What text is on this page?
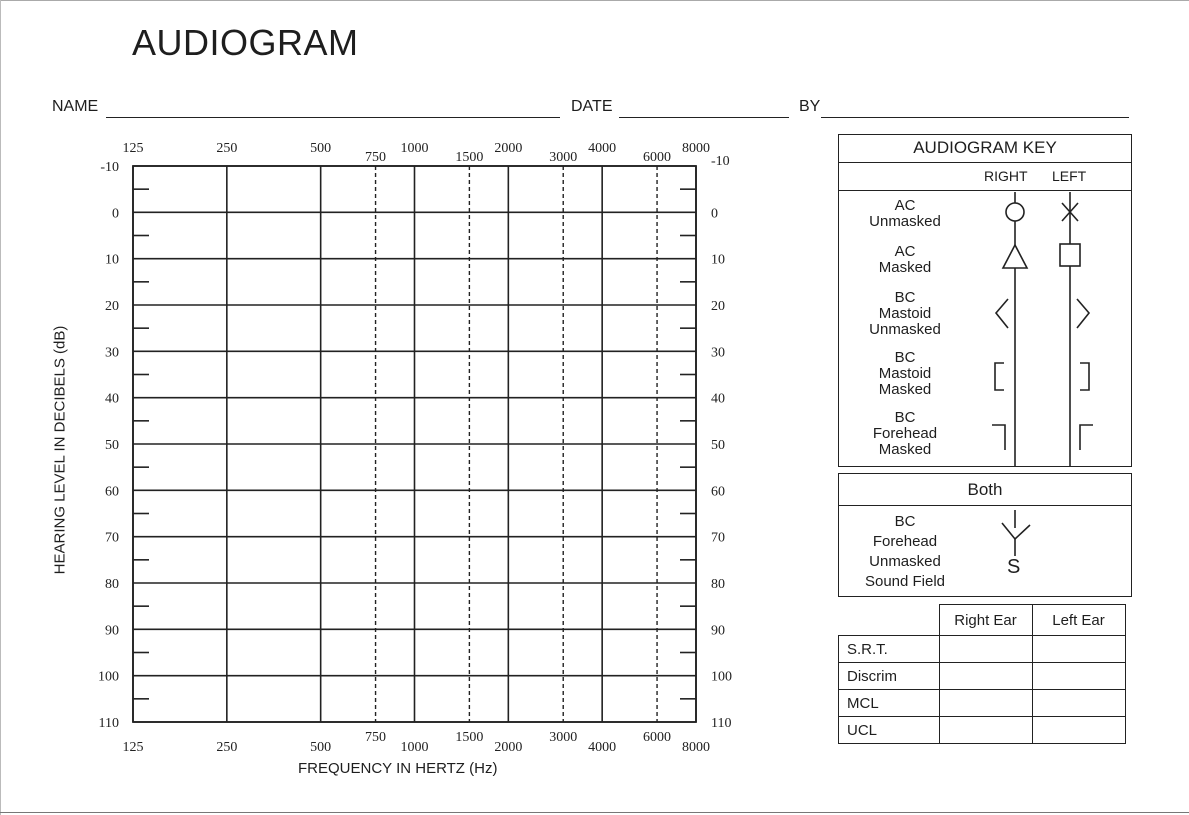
AUDIOGRAM
NAME	DATE	BY
-10	-10
0	0
10	10
20	20
30	30
40	40
50	50
60	60
70	70
80	80
90	90
100	100
110	110
125
125
250
250
500
500
1000
1000
2000
2000
4000
4000
8000
8000
750
750
1500
1500
3000
3000
6000
6000
HEARING LEVEL IN DECIBELS (dB)
FREQUENCY IN HERTZ (Hz)
AUDIOGRAM KEY
RIGHT LEFT
AC
Unmasked
AC
Masked
BC
Mastoid
Unmasked
BC
Mastoid
Masked
BC
Forehead
Masked
Both
BC
Forehead
Unmasked
Sound Field
S
	Right Ear	Left Ear
S.R.T.		
Discrim		
MCL		
UCL		
